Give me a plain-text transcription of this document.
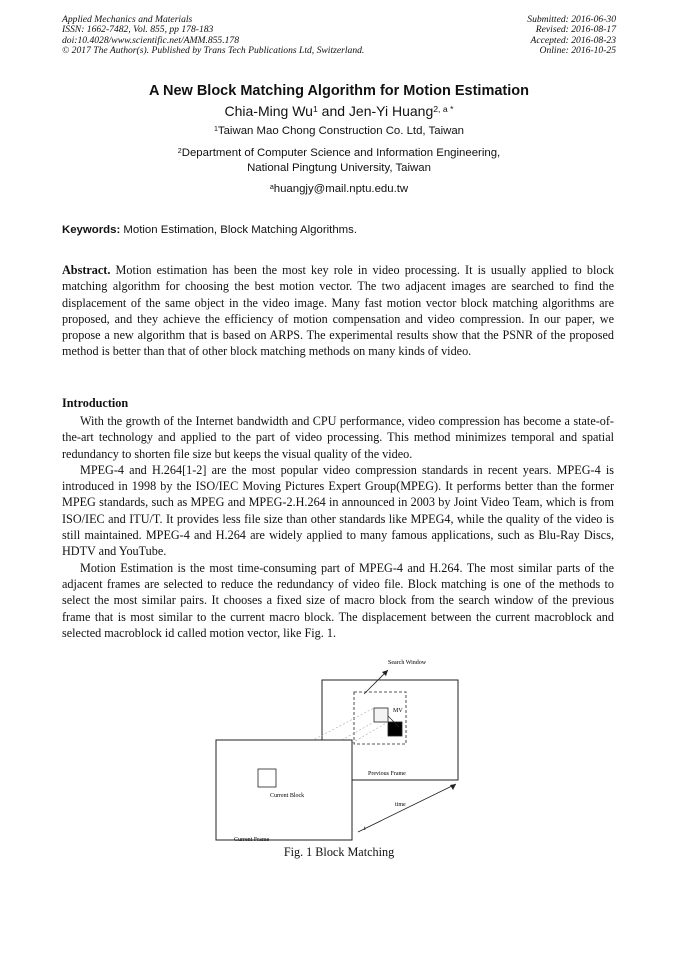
Applied Mechanics and Materials
ISSN: 1662-7482, Vol. 855, pp 178-183
doi:10.4028/www.scientific.net/AMM.855.178
© 2017 The Author(s). Published by Trans Tech Publications Ltd, Switzerland.
Submitted: 2016-06-30
Revised: 2016-08-17
Accepted: 2016-08-23
Online: 2016-10-25
A New Block Matching Algorithm for Motion Estimation
Chia-Ming Wu$^1$ and Jen-Yi Huang$^{2, a *}$
$^1$Taiwan Mao Chong Construction Co. Ltd, Taiwan
$^2$Department of Computer Science and Information Engineering,
National Pingtung University, Taiwan
$^a$huangjy@mail.nptu.edu.tw
Keywords: Motion Estimation, Block Matching Algorithms.
Abstract. Motion estimation has been the most key role in video processing. It is usually applied to block matching algorithm for choosing the best motion vector. The two adjacent images are searched to find the displacement of the same object in the video image. Many fast motion vector block matching algorithms are proposed, and they achieve the efficiency of motion compensation and video compression. In our paper, we propose a new algorithm that is based on ARPS. The experimental results show that the PSNR of the proposed method is better than that of other block matching methods on many kinds of video.
Introduction

With the growth of the Internet bandwidth and CPU performance, video compression has become a state-of-the-art technology and applied to the part of video processing. This method minimizes temporal and spatial redundancy to shorten file size but keeps the visual quality of the video.

MPEG-4 and H.264[1-2] are the most popular video compression standards in recent years. MPEG-4 is introduced in 1998 by the ISO/IEC Moving Pictures Expert Group(MPEG). It performs better than the former MPEG standards, such as MPEG and MPEG-2.H.264 in announced in 2003 by Joint Video Team, which is from ISO/IEC and ITU/T. It provides less file size than other standards like MPEG4, while the quality of the video is still maintained. MPEG-4 and H.264 are widely applied to many famous applications, such as Blu-Ray Discs, HDTV and YouTube.

Motion Estimation is the most time-consuming part of MPEG-4 and H.264. The most similar parts of the adjacent frames are selected to reduce the redundancy of video file. Block matching is one of the methods to select the most similar pairs. It chooses a fixed size of macro block from the search window of the previous frame that is most similar to the current macro block. The displacement between the current macroblock and selected macroblock id called motion vector, like Fig. 1.

Search Window
MV
Previous Frame
Current Block
Current Frame
time
t
Fig. 1 Block Matching
